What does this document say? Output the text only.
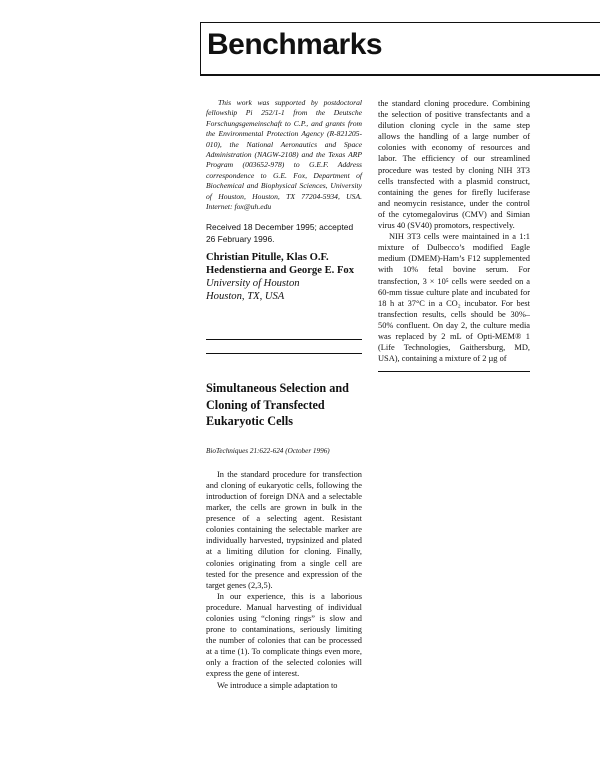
Benchmarks

This work was supported by postdoctoral fellowship Pi 252/1-1 from the Deutsche Forschungsgemeinschaft to C.P., and grants from the Environmental Protection Agency (R-821205-010), the National Aeronautics and Space Administration (NAGW-2108) and the Texas ARP Program (003652-978) to G.E.F. Address correspondence to G.E. Fox, Department of Biochemical and Biophysical Sciences, University of Houston, Houston, TX 77204-5934, USA. Internet: fox@uh.edu

Received 18 December 1995; accepted 26 February 1996.

Christian Pitulle, Klas O.F. Hedenstierna and George E. Fox

University of Houston

Houston, TX, USA

Simultaneous Selection and Cloning of Transfected Eukaryotic Cells

BioTechniques 21:622-624 (October 1996)

In the standard procedure for transfection and cloning of eukaryotic cells, following the introduction of foreign DNA and a selectable marker, the cells are grown in bulk in the presence of a selecting agent. Resistant colonies containing the selectable marker are individually harvested, trypsinized and plated at a limiting dilution for cloning. Finally, colonies originating from a single cell are tested for the presence and expression of the target genes (2,3,5).

In our experience, this is a laborious procedure. Manual harvesting of individual colonies using “cloning rings” is slow and prone to contaminations, seriously limiting the number of colonies that can be processed at a time (1). To complicate things even more, only a fraction of the selected colonies will express the gene of interest.

We introduce a simple adaptation to

the standard cloning procedure. Combining the selection of positive transfectants and a dilution cloning cycle in the same step allows the handling of a large number of colonies with economy of resources and labor. The efficiency of our streamlined procedure was tested by cloning NIH 3T3 cells transfected with a plasmid construct, containing the genes for firefly luciferase and neomycin resistance, under the control of the cytomegalovirus (CMV) and Simian virus 40 (SV40) promotors, respectively.

NIH 3T3 cells were maintained in a 1:1 mixture of Dulbecco’s modified Eagle medium (DMEM)-Ham’s F12 supplemented with 10% fetal bovine serum. For transfection, 3 × 10⁵ cells were seeded on a 60-mm tissue culture plate and incubated for 18 h at 37°C in a CO₂ incubator. For best transfection results, cells should be 30%–50% confluent. On day 2, the culture media was replaced by 2 mL of Opti-MEM® 1 (Life Technologies, Gaithersburg, MD, USA), containing a mixture of 2 µg of
